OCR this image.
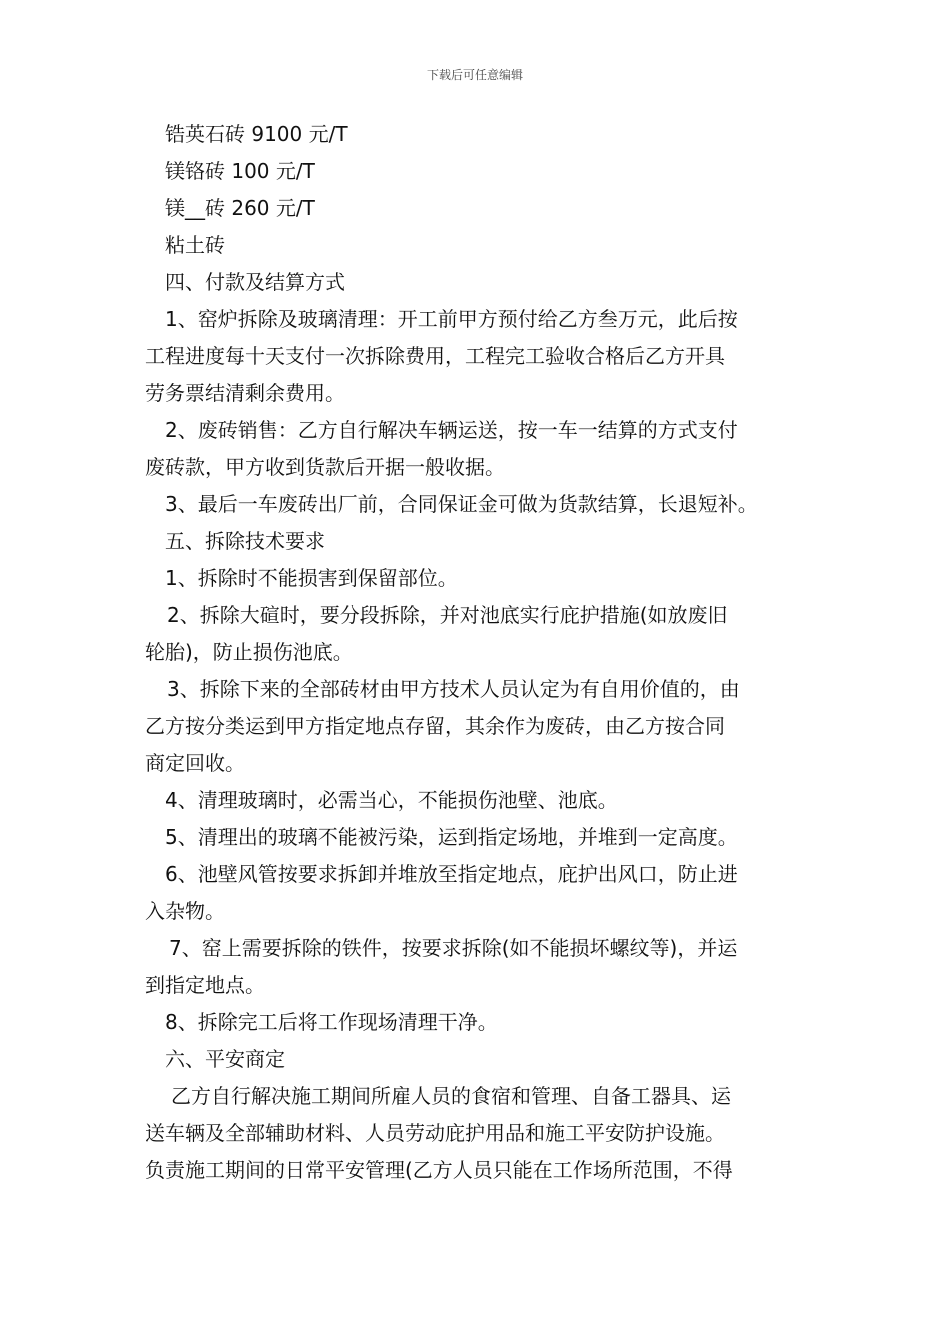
下载后可任意编辑
锆英石砖 9100 元/T
镁铬砖 100 元/T
镁__砖 260 元/T
粘土砖
四、付款及结算方式
1、窑炉拆除及玻璃清理：开工前甲方预付给乙方叁万元，此后按
工程进度每十天支付一次拆除费用，工程完工验收合格后乙方开具
劳务票结清剩余费用。
2、废砖销售：乙方自行解决车辆运送，按一车一结算的方式支付
废砖款，甲方收到货款后开据一般收据。
3、最后一车废砖出厂前，合同保证金可做为货款结算，长退短补。
五、拆除技术要求
1、拆除时不能损害到保留部位。
2、拆除大碹时，要分段拆除，并对池底实行庇护措施(如放废旧
轮胎)，防止损伤池底。
3、拆除下来的全部砖材由甲方技术人员认定为有自用价值的，由
乙方按分类运到甲方指定地点存留，其余作为废砖，由乙方按合同
商定回收。
4、清理玻璃时，必需当心，不能损伤池壁、池底。
5、清理出的玻璃不能被污染，运到指定场地，并堆到一定高度。
6、池壁风管按要求拆卸并堆放至指定地点，庇护出风口，防止进
入杂物。
7、窑上需要拆除的铁件，按要求拆除(如不能损坏螺纹等)，并运
到指定地点。
8、拆除完工后将工作现场清理干净。
六、平安商定
乙方自行解决施工期间所雇人员的食宿和管理、自备工器具、运
送车辆及全部辅助材料、人员劳动庇护用品和施工平安防护设施。
负责施工期间的日常平安管理(乙方人员只能在工作场所范围，不得
